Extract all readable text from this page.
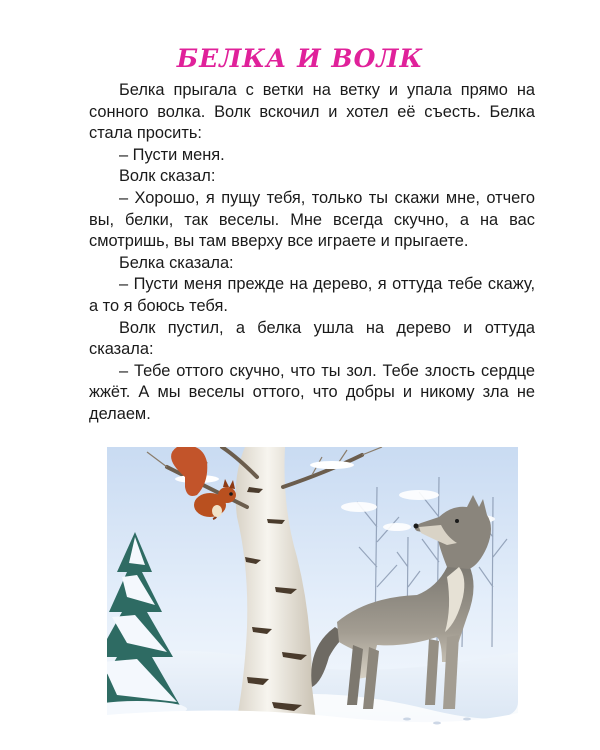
БЕЛКА И ВОЛК

Белка прыгала с ветки на ветку и упала прямо на сонного волка. Волк вскочил и хотел её съесть. Белка стала просить:

– Пусти меня.

Волк сказал:

– Хорошо, я пущу тебя, только ты скажи мне, отчего вы, белки, так веселы. Мне всегда скучно, а на вас смотришь, вы там вверху все играете и прыгаете.

Белка сказала:

– Пусти меня прежде на дерево, я оттуда тебе скажу, а то я боюсь тебя.

Волк пустил, а белка ушла на дерево и оттуда сказала:

– Тебе оттого скучно, что ты зол. Тебе злость сердце жжёт. А мы веселы оттого, что добры и никому зла не делаем.
